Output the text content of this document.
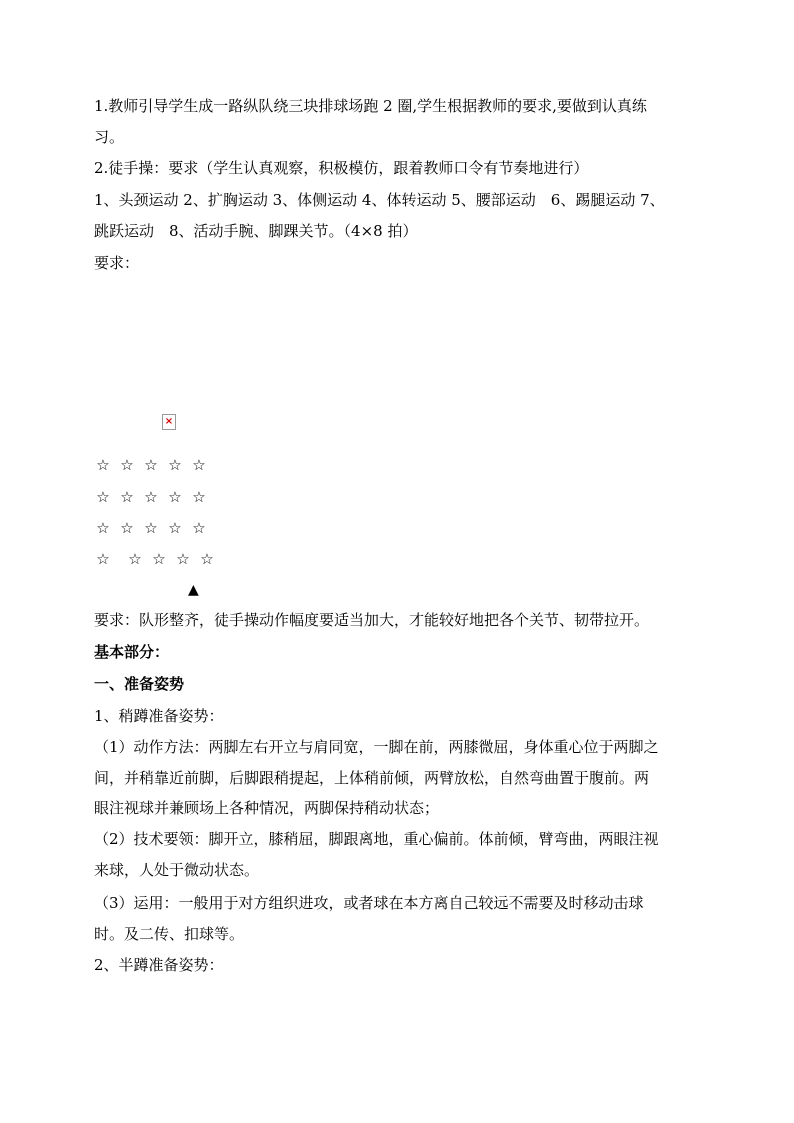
1.教师引导学生成一路纵队绕三块排球场跑 2 圈,学生根据教师的要求,要做到认真练
习。
2.徒手操：要求（学生认真观察，积极模仿，跟着教师口令有节奏地进行）
1、头颈运动 2、扩胸运动 3、体侧运动 4、体转运动 5、腰部运动　6、踢腿运动 7、
跳跃运动　8、活动手腕、脚踝关节。（4×8 拍）
要求：
×
☆ ☆ ☆ ☆ ☆
☆ ☆ ☆ ☆ ☆
☆ ☆ ☆ ☆ ☆
☆ ☆ ☆ ☆ ☆
▲
要求：队形整齐，徒手操动作幅度要适当加大，才能较好地把各个关节、韧带拉开。
基本部分：
一、准备姿势
1、稍蹲准备姿势：
（1）动作方法：两脚左右开立与肩同宽，一脚在前，两膝微屈，身体重心位于两脚之
间，并稍靠近前脚，后脚跟稍提起，上体稍前倾，两臂放松，自然弯曲置于腹前。两
眼注视球并兼顾场上各种情况，两脚保持稍动状态；
（2）技术要领：脚开立，膝稍屈，脚跟离地，重心偏前。体前倾，臂弯曲，两眼注视
来球，人处于微动状态。
（3）运用：一般用于对方组织进攻，或者球在本方离自己较远不需要及时移动击球
时。及二传、扣球等。
2、半蹲准备姿势：
